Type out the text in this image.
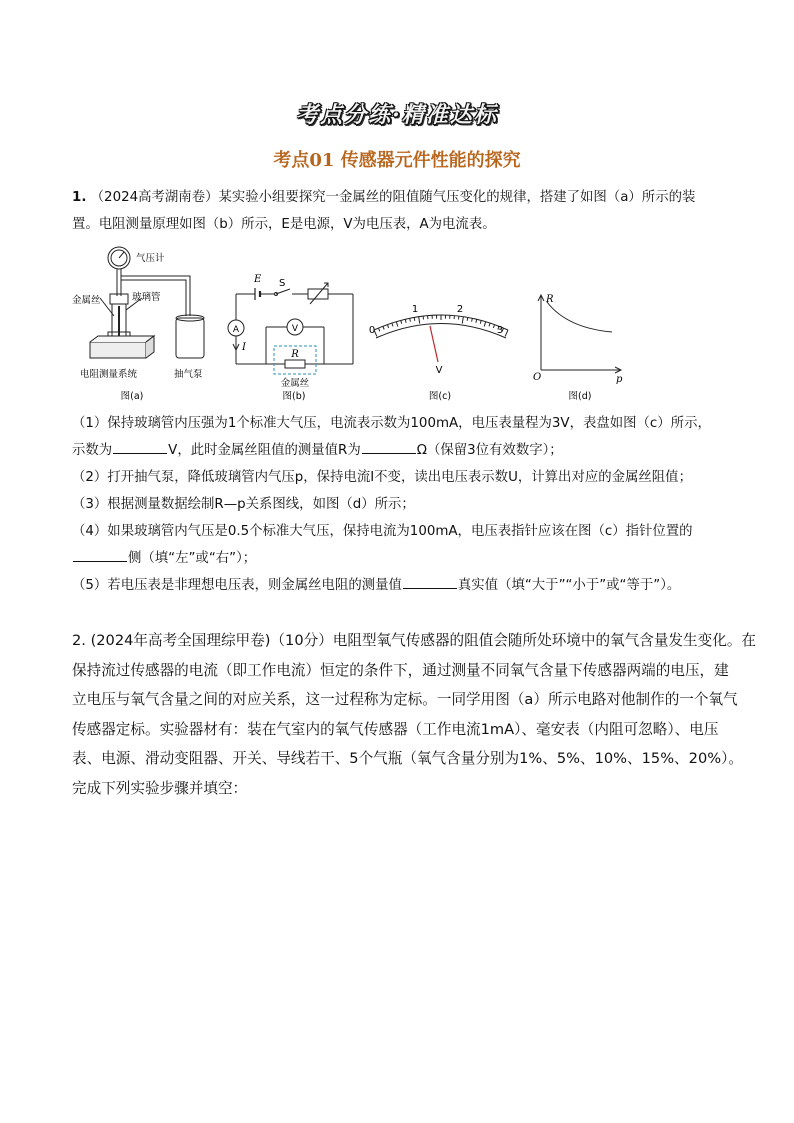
考点分练·精准达标
考点01 传感器元件性能的探究

1. （2024高考湖南卷）某实验小组要探究一金属丝的阻值随气压变化的规律，搭建了如图（a）所示的装

置。电阻测量原理如图（b）所示，E是电源，V为电压表，A为电流表。

气压计
金属丝	玻璃管
电阻测量系统	抽气泵
图(a)
E S
A	V
I
R
金属丝
图(b)
0
1	2
3
V
图(c)
R
O	p
图(d)

（1）保持玻璃管内压强为1个标准大气压，电流表示数为100mA，电压表量程为3V，表盘如图（c）所示，

示数为	V，此时金属丝阻值的测量值R为	Ω（保留3位有效数字）；

（2）打开抽气泵，降低玻璃管内气压p，保持电流I不变，读出电压表示数U，计算出对应的金属丝阻值；

（3）根据测量数据绘制R—p关系图线，如图（d）所示；

（4）如果玻璃管内气压是0.5个标准大气压，保持电流为100mA，电压表指针应该在图（c）指针位置的

侧（填“左”或“右”）；

（5）若电压表是非理想电压表，则金属丝电阻的测量值	真实值（填“大于”“小于”或“等于”）。

2. (2024年高考全国理综甲卷)（10分）电阻型氧气传感器的阻值会随所处环境中的氧气含量发生变化。在

保持流过传感器的电流（即工作电流）恒定的条件下，通过测量不同氧气含量下传感器两端的电压，建

立电压与氧气含量之间的对应关系，这一过程称为定标。一同学用图（a）所示电路对他制作的一个氧气

传感器定标。实验器材有：装在气室内的氧气传感器（工作电流1mA）、毫安表（内阻可忽略）、电压

表、电源、滑动变阻器、开关、导线若干、5个气瓶（氧气含量分别为1%、5%、10%、15%、20%）。

完成下列实验步骤并填空：
